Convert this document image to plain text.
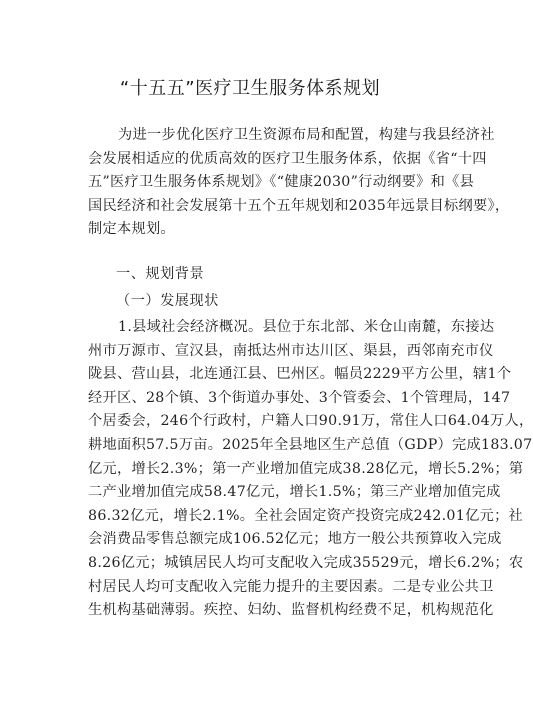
“十五五”医疗卫生服务体系规划
为进一步优化医疗卫生资源布局和配置，构建与我县经济社
会发展相适应的优质高效的医疗卫生服务体系，依据《省“十四
五”医疗卫生服务体系规划》《“健康2030”行动纲要》和《县
国民经济和社会发展第十五个五年规划和2035年远景目标纲要》，
制定本规划。
一、规划背景
（一）发展现状
1.县域社会经济概况。县位于东北部、米仓山南麓，东接达
州市万源市、宣汉县，南抵达州市达川区、渠县，西邻南充市仪
陇县、营山县，北连通江县、巴州区。幅员2229平方公里，辖1个
经开区、28个镇、3个街道办事处、3个管委会、1个管理局，147
个居委会，246个行政村，户籍人口90.91万，常住人口64.04万人，
耕地面积57.5万亩。2025年全县地区生产总值（GDP）完成183.07
亿元，增长2.3%；第一产业增加值完成38.28亿元，增长5.2%；第
二产业增加值完成58.47亿元，增长1.5%；第三产业增加值完成
86.32亿元，增长2.1%。全社会固定资产投资完成242.01亿元；社
会消费品零售总额完成106.52亿元；地方一般公共预算收入完成
8.26亿元；城镇居民人均可支配收入完成35529元，增长6.2%；农
村居民人均可支配收入完能力提升的主要因素。二是专业公共卫
生机构基础薄弱。疾控、妇幼、监督机构经费不足，机构规范化
